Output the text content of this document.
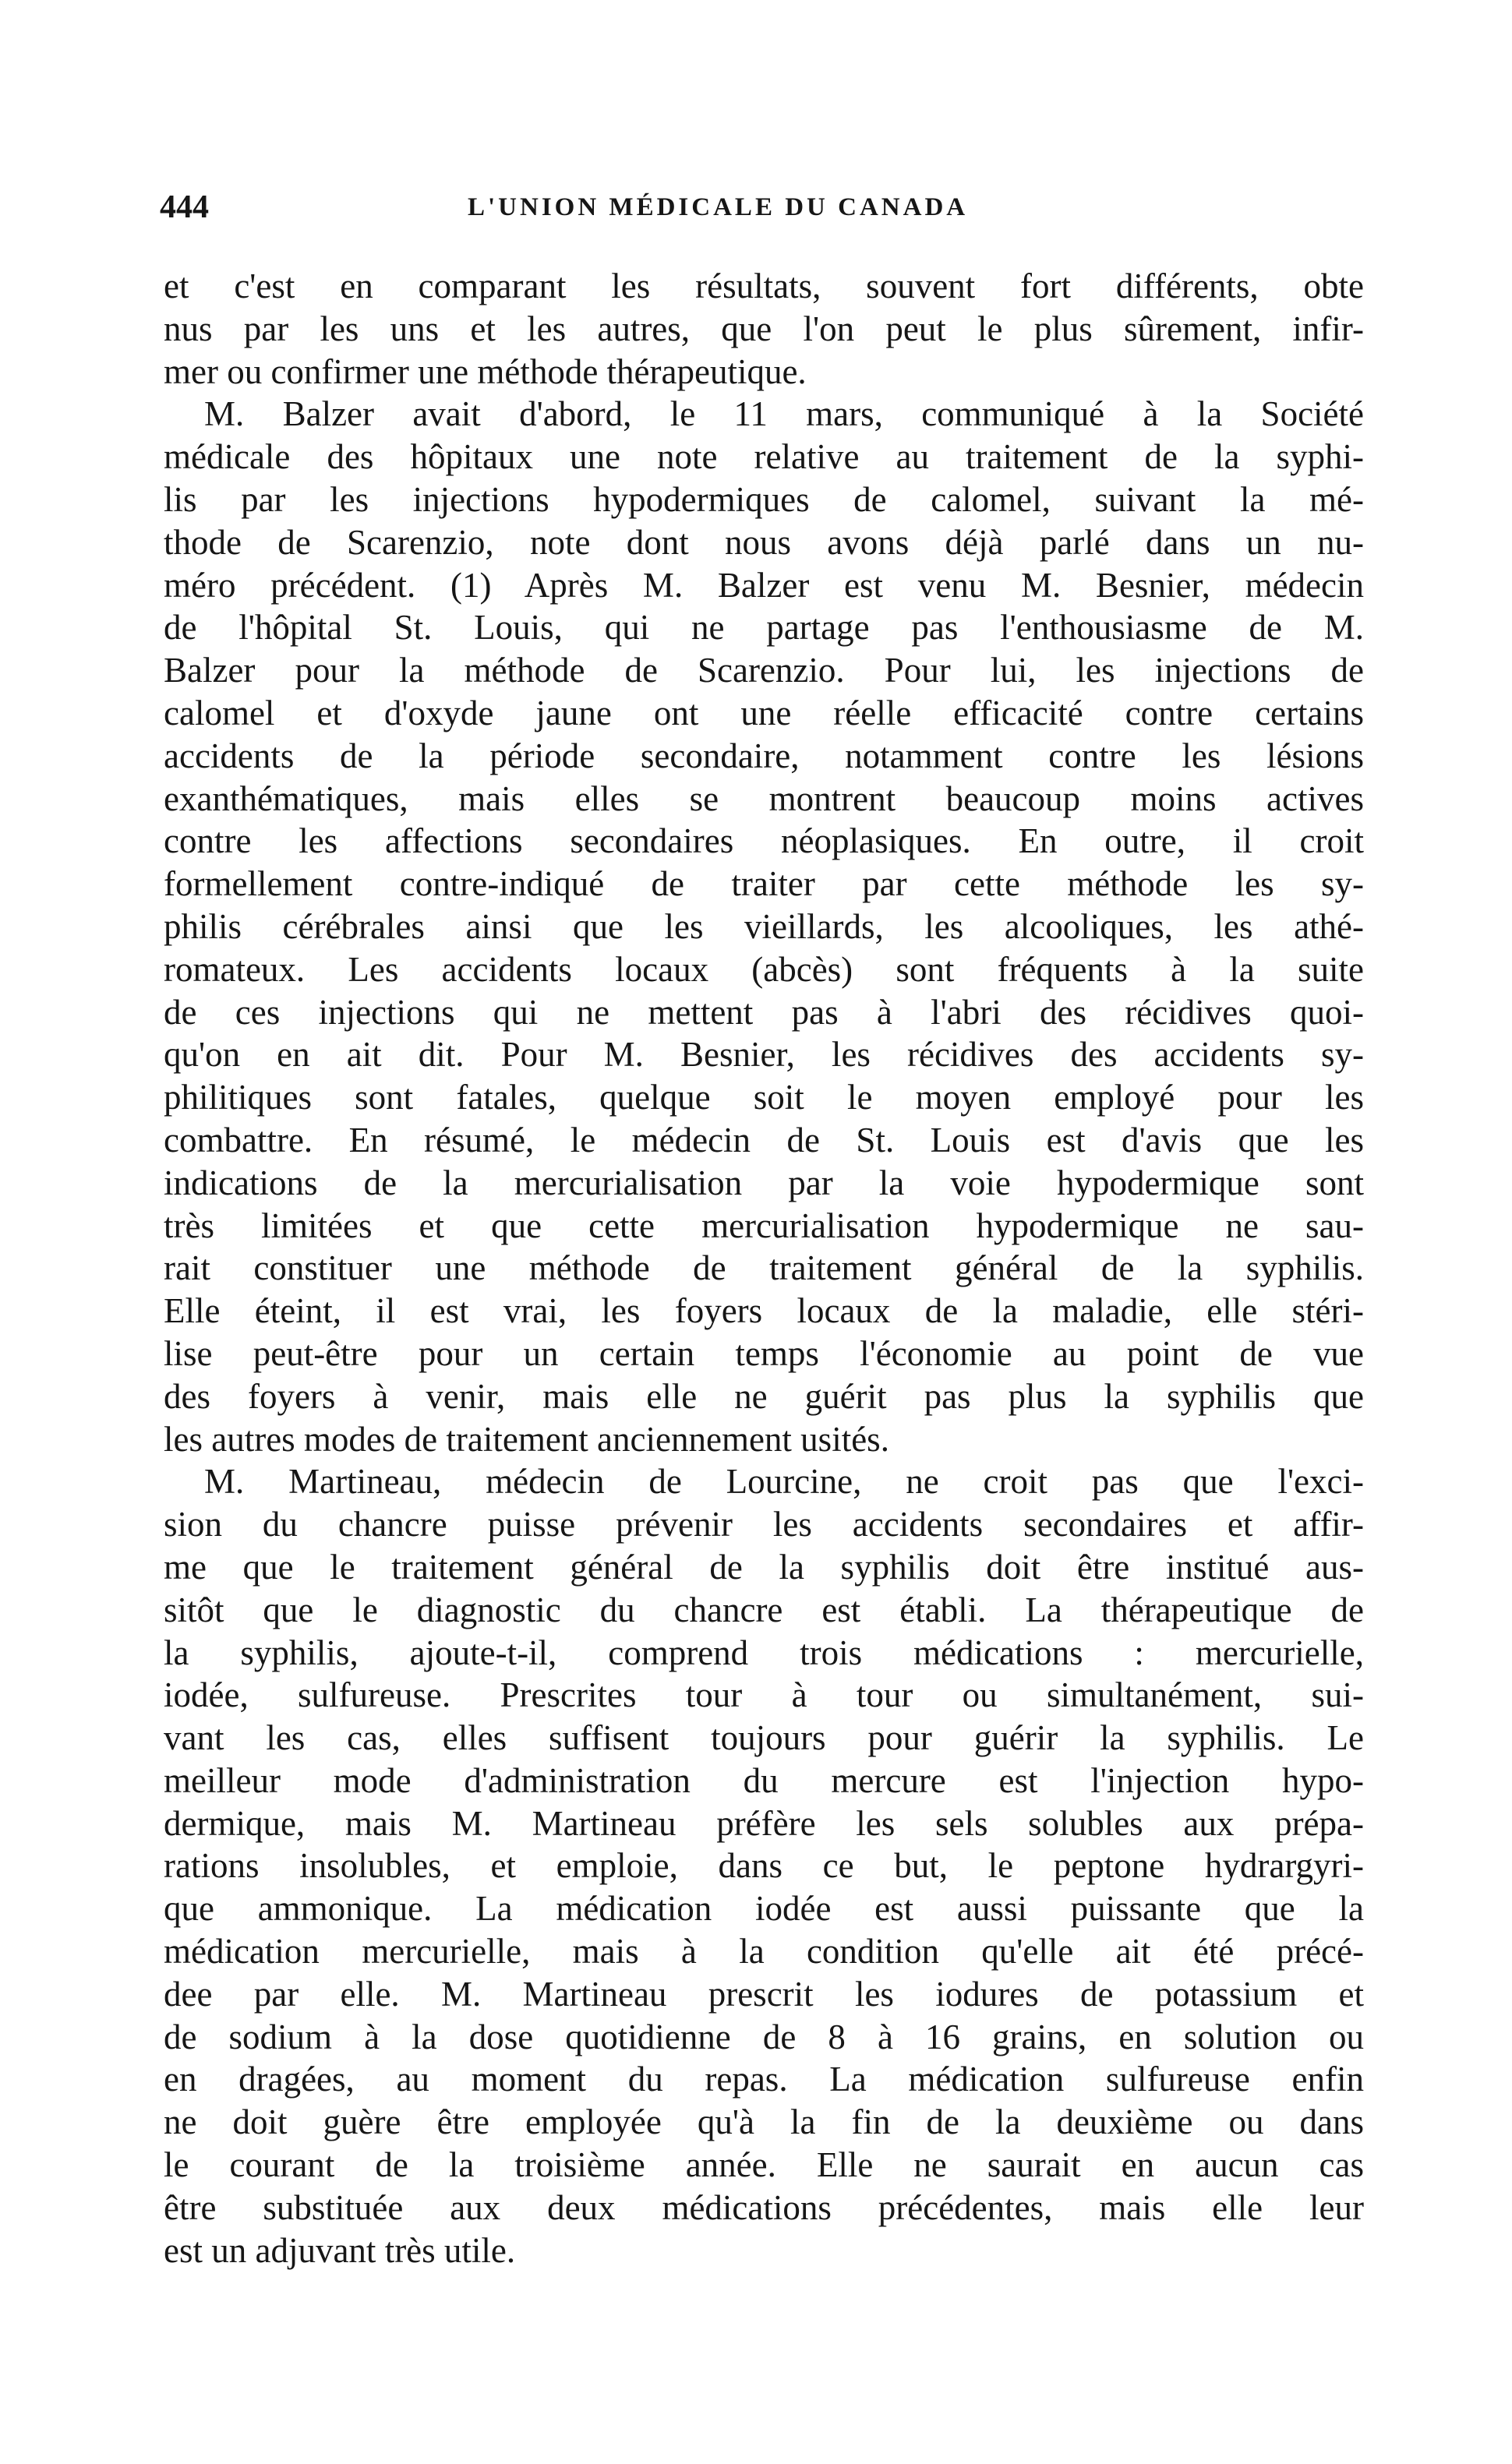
444	L'UNION MÉDICALE DU CANADA
et c'est en comparant les résultats, souvent fort différents, obte
nus par les uns et les autres, que l'on peut le plus sûrement, infir-
mer ou confirmer une méthode thérapeutique.
M. Balzer avait d'abord, le 11 mars, communiqué à la Société
médicale des hôpitaux une note relative au traitement de la syphi-
lis par les injections hypodermiques de calomel, suivant la mé-
thode de Scarenzio, note dont nous avons déjà parlé dans un nu-
méro précédent. (1) Après M. Balzer est venu M. Besnier, médecin
de l'hôpital St. Louis, qui ne partage pas l'enthousiasme de M.
Balzer pour la méthode de Scarenzio. Pour lui, les injections de
calomel et d'oxyde jaune ont une réelle efficacité contre certains
accidents de la période secondaire, notamment contre les lésions
exanthématiques, mais elles se montrent beaucoup moins actives
contre les affections secondaires néoplasiques. En outre, il croit
formellement contre-indiqué de traiter par cette méthode les sy-
philis cérébrales ainsi que les vieillards, les alcooliques, les athé-
romateux. Les accidents locaux (abcès) sont fréquents à la suite
de ces injections qui ne mettent pas à l'abri des récidives quoi-
qu'on en ait dit. Pour M. Besnier, les récidives des accidents sy-
philitiques sont fatales, quelque soit le moyen employé pour les
combattre. En résumé, le médecin de St. Louis est d'avis que les
indications de la mercurialisation par la voie hypodermique sont
très limitées et que cette mercurialisation hypodermique ne sau-
rait constituer une méthode de traitement général de la syphilis.
Elle éteint, il est vrai, les foyers locaux de la maladie, elle stéri-
lise peut-être pour un certain temps l'économie au point de vue
des foyers à venir, mais elle ne guérit pas plus la syphilis que
les autres modes de traitement anciennement usités.
M. Martineau, médecin de Lourcine, ne croit pas que l'exci-
sion du chancre puisse prévenir les accidents secondaires et affir-
me que le traitement général de la syphilis doit être institué aus-
sitôt que le diagnostic du chancre est établi. La thérapeutique de
la syphilis, ajoute-t-il, comprend trois médications : mercurielle,
iodée, sulfureuse. Prescrites tour à tour ou simultanément, sui-
vant les cas, elles suffisent toujours pour guérir la syphilis. Le
meilleur mode d'administration du mercure est l'injection hypo-
dermique, mais M. Martineau préfère les sels solubles aux prépa-
rations insolubles, et emploie, dans ce but, le peptone hydrargyri-
que ammonique. La médication iodée est aussi puissante que la
médication mercurielle, mais à la condition qu'elle ait été précé-
dee par elle. M. Martineau prescrit les iodures de potassium et
de sodium à la dose quotidienne de 8 à 16 grains, en solution ou
en dragées, au moment du repas. La médication sulfureuse enfin
ne doit guère être employée qu'à la fin de la deuxième ou dans
le courant de la troisième année. Elle ne saurait en aucun cas
être substituée aux deux médications précédentes, mais elle leur
est un adjuvant très utile.
